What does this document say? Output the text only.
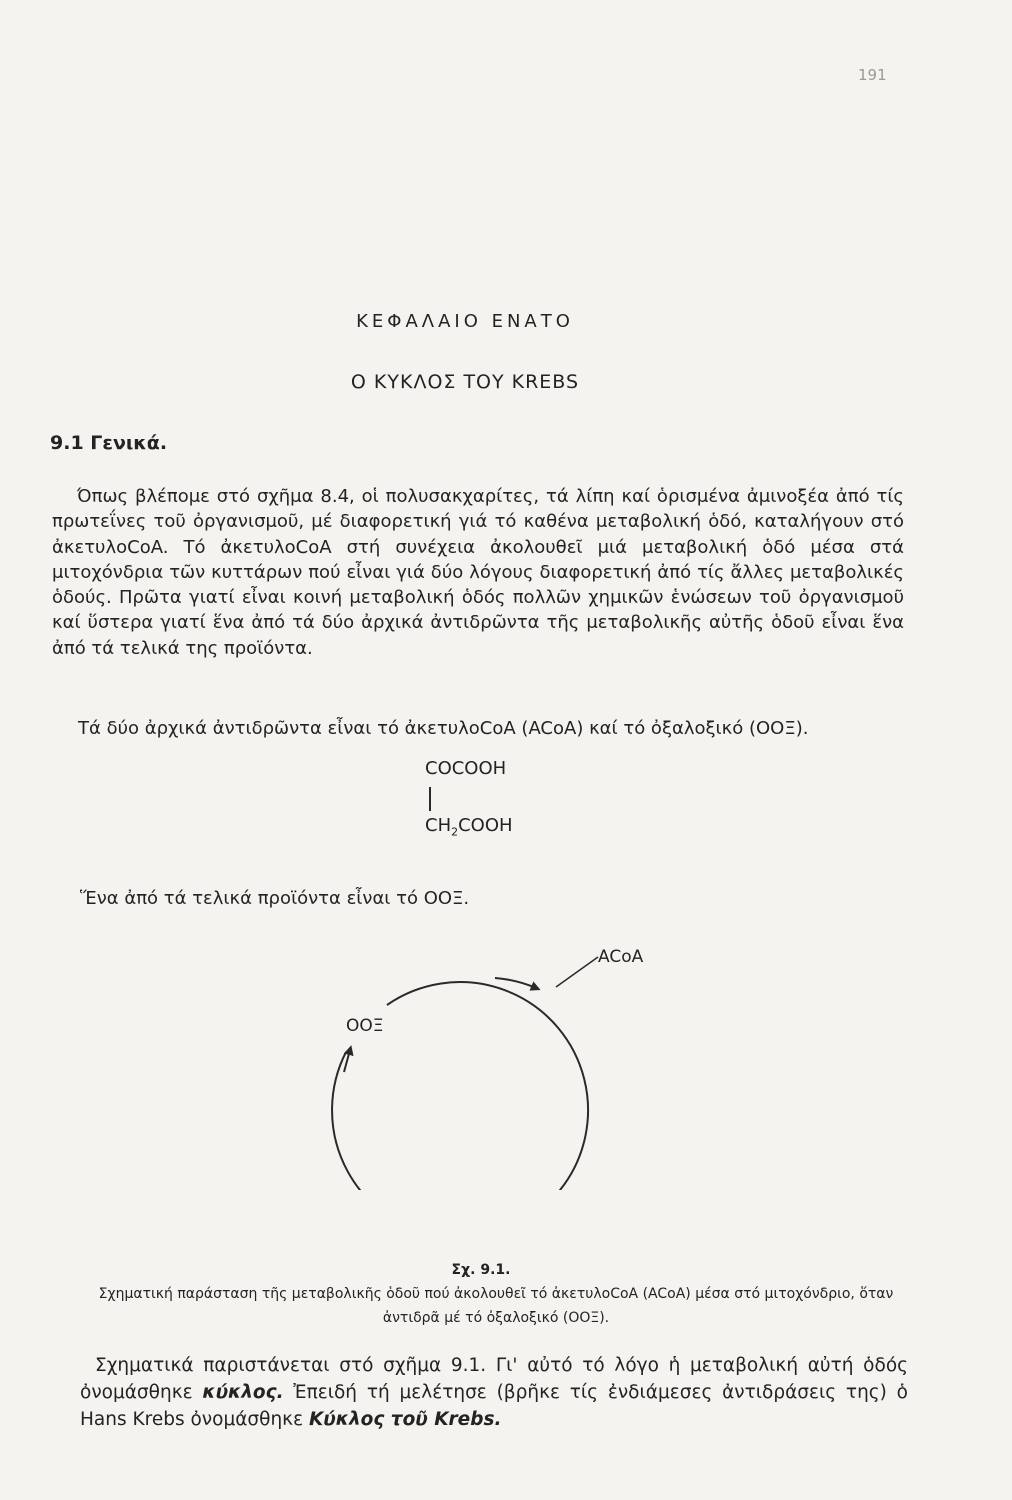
191
ΚΕΦΑΛΑΙΟ ΕΝΑΤΟ
Ο ΚΥΚΛΟΣ ΤΟΥ KREBS
9.1 Γενικά.
Όπως βλέπομε στό σχῆμα 8.4, οἱ πολυσακχαρίτες, τά λίπη καί ὁρισμένα ἀμινοξέα ἀπό τίς πρωτεΐνες τοῦ ὀργανισμοῦ, μέ διαφορετική γιά τό καθένα μεταβολική ὁδό, καταλήγουν στό ἀκετυλοCoA. Τό ἀκετυλοCoA στή συνέχεια ἀκολουθεῖ μιά μεταβολική ὁδό μέσα στά μιτοχόνδρια τῶν κυττάρων πού εἶναι γιά δύο λόγους διαφορετική ἀπό τίς ἄλλες μεταβολικές ὁδούς. Πρῶτα γιατί εἶναι κοινή μεταβολική ὁδός πολλῶν χημικῶν ἑνώσεων τοῦ ὀργανισμοῦ καί ὕστερα γιατί ἕνα ἀπό τά δύο ἀρχικά ἀντιδρῶντα τῆς μεταβολικῆς αὐτῆς ὁδοῦ εἶναι ἕνα ἀπό τά τελικά της προϊόντα.
Τά δύο ἀρχικά ἀντιδρῶντα εἶναι τό ἀκετυλοCoA (ACoA) καί τό ὀξαλοξικό (ΟΟΞ).
COCOOH
$CH_2COOH$
Ἕνα ἀπό τά τελικά προϊόντα εἶναι τό ΟΟΞ.
ACoA
ΟΟΞ
Σχ. 9.1.
Σχηματική παράσταση τῆς μεταβολικῆς ὁδοῦ πού ἀκολουθεῖ τό ἀκετυλοCoA (ACoA) μέσα στό μιτοχόνδριο, ὅταν ἀντιδρᾶ μέ τό ὀξαλοξικό (ΟΟΞ).
Σχηματικά παριστάνεται στό σχῆμα 9.1. Γι' αὐτό τό λόγο ἡ μεταβολική αὐτή ὁδός ὀνομάσθηκε κύκλος. Ἐπειδή τή μελέτησε (βρῆκε τίς ἐνδιάμεσες ἀντιδράσεις της) ὁ Hans Krebs ὀνομάσθηκε Κύκλος τοῦ Krebs.
